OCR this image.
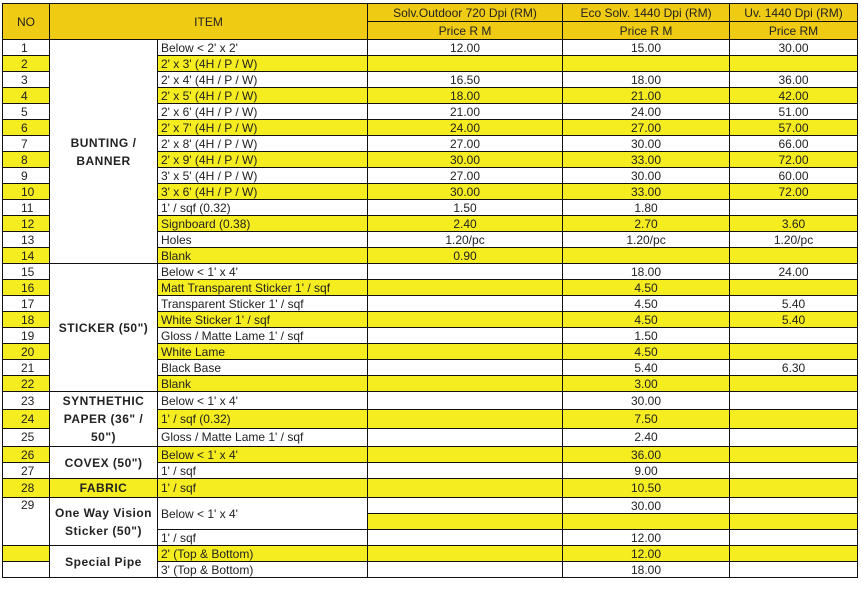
NO	ITEM		Solv.Outdoor 720 Dpi (RM)	Eco Solv. 1440 Dpi (RM)	Uv. 1440 Dpi (RM)
			Price R M	Price R M	Price RM
1	BUNTING / BANNER	Below < 2' x 2'	12.00	15.00	30.00
2		2' x 3' (4H / P / W)			
3		2' x 4' (4H / P / W)	16.50	18.00	36.00
4		2' x 5' (4H / P / W)	18.00	21.00	42.00
5		2' x 6' (4H / P / W)	21.00	24.00	51.00
6		2' x 7' (4H / P / W)	24.00	27.00	57.00
7		2' x 8' (4H / P / W)	27.00	30.00	66.00
8		2' x 9' (4H / P / W)	30.00	33.00	72.00
9		3' x 5' (4H / P / W)	27.00	30.00	60.00
10		3' x 6' (4H / P / W)	30.00	33.00	72.00
11		1' / sqf (0.32)	1.50	1.80	
12		Signboard (0.38)	2.40	2.70	3.60
13		Holes	1.20/pc	1.20/pc	1.20/pc
14		Blank	0.90		
15	STICKER (50")	Below < 1' x 4'		18.00	24.00
16		Matt Transparent Sticker 1' / sqf		4.50	
17		Transparent Sticker 1' / sqf		4.50	5.40
18		White Sticker 1' / sqf		4.50	5.40
19		Gloss / Matte Lame 1' / sqf		1.50	
20		White Lame		4.50	
21		Black Base		5.40	6.30
22		Blank		3.00	
23	SYNTHETHIC PAPER (36" / 50")	Below < 1' x 4'		30.00	
24		1' / sqf (0.32)		7.50	
25		Gloss / Matte Lame 1' / sqf		2.40	
26	COVEX (50")	Below < 1' x 4'		36.00	
27		1' / sqf		9.00	
28	FABRIC	1' / sqf		10.50	
29	One Way Vision Sticker (50")	Below < 1' x 4'		30.00	

		1' / sqf		12.00	
	Special Pipe	2' (Top & Bottom)		12.00	
		3' (Top & Bottom)		18.00	
